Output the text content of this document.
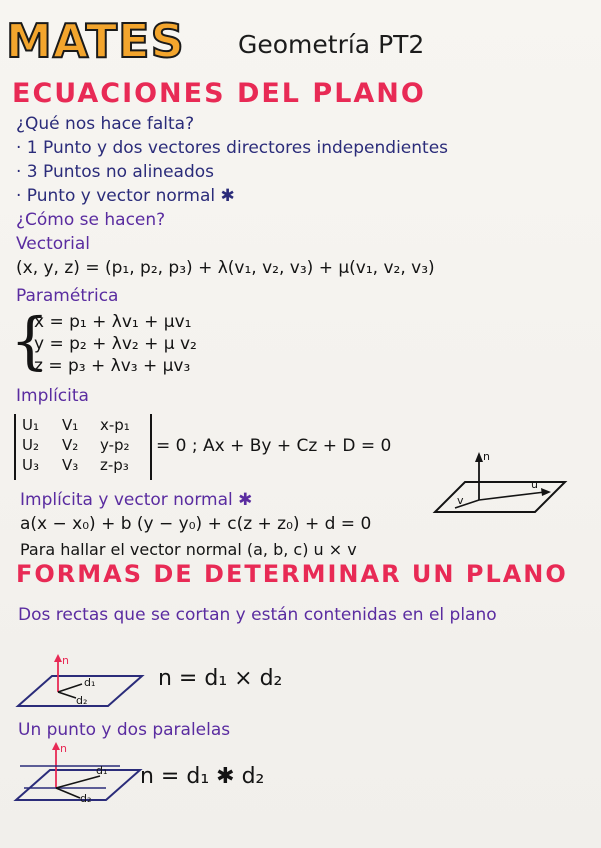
MATES Geometría PT2
ECUACIONES DEL PLANO
¿Qué nos hace falta?
· 1 Punto y dos vectores directores independientes
· 3 Puntos no alineados
· Punto y vector normal ✱
¿Cómo se hacen?
Vectorial
(x, y, z) = (p₁, p₂, p₃) + λ(v₁, v₂, v₃) + μ(v₁, v₂, v₃)
Paramétrica
{
x = p₁ + λv₁ + μv₁
y = p₂ + λv₂ + μ v₂
z = p₃ + λv₃ + μv₃
Implícita
U₁ V₁ x-p₁
U₂ V₂ y-p₂
U₃ V₃ z-p₃
= 0 ; Ax + By + Cz + D = 0
Implícita y vector normal ✱
a(x − x₀) + b (y − y₀) + c(z + z₀) + d = 0
Para hallar el vector normal (a, b, c) u × v
n
u
v
FORMAS DE DETERMINAR UN PLANO
Dos rectas que se cortan y están contenidas en el plano
n
d₁
d₂
n = d₁ × d₂
Un punto y dos paralelas
n
d₁
d₂
n = d₁ ✱ d₂
